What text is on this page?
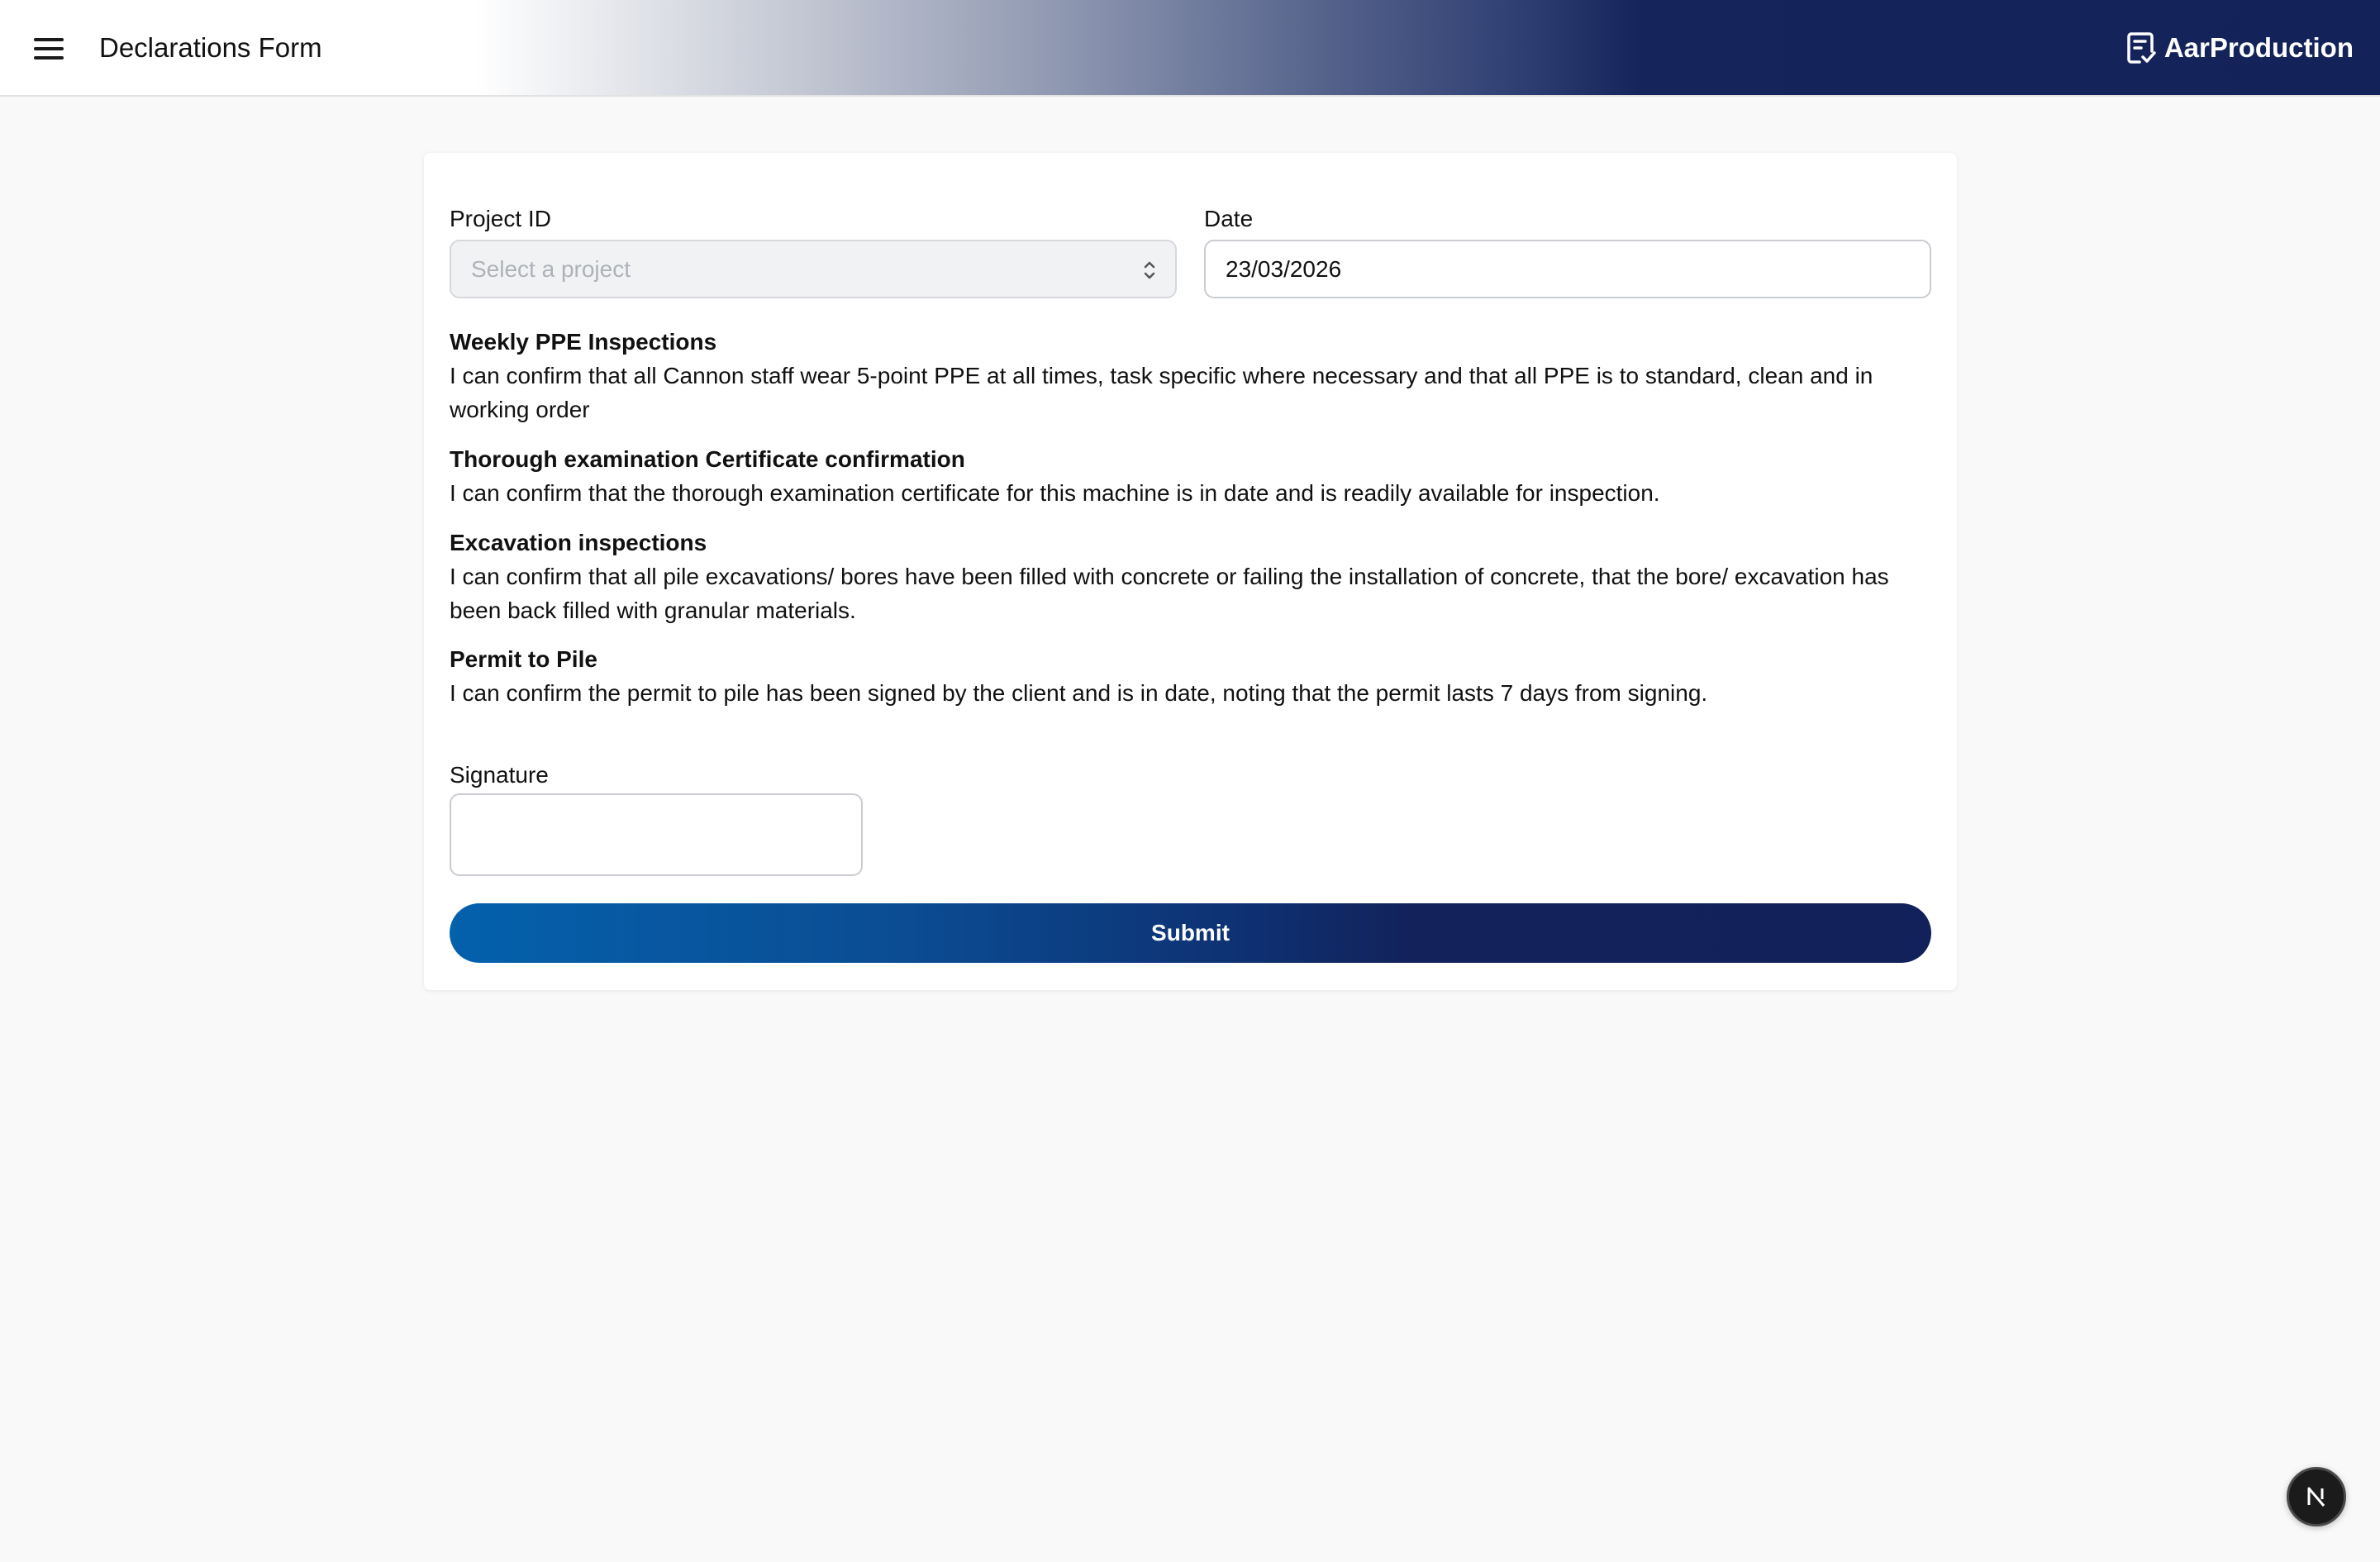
Declarations Form	AarProduction
Project ID
Select a project
Date
23/03/2026

Weekly PPE Inspections

I can confirm that all Cannon staff wear 5-point PPE at all times, task specific where necessary and that all PPE is to standard, clean and in working order

Thorough examination Certificate confirmation

I can confirm that the thorough examination certificate for this machine is in date and is readily available for inspection.

Excavation inspections

I can confirm that all pile excavations/ bores have been filled with concrete or failing the installation of concrete, that the bore/ excavation has been back filled with granular materials.

Permit to Pile

I can confirm the permit to pile has been signed by the client and is in date, noting that the permit lasts 7 days from signing.

Signature
Submit
